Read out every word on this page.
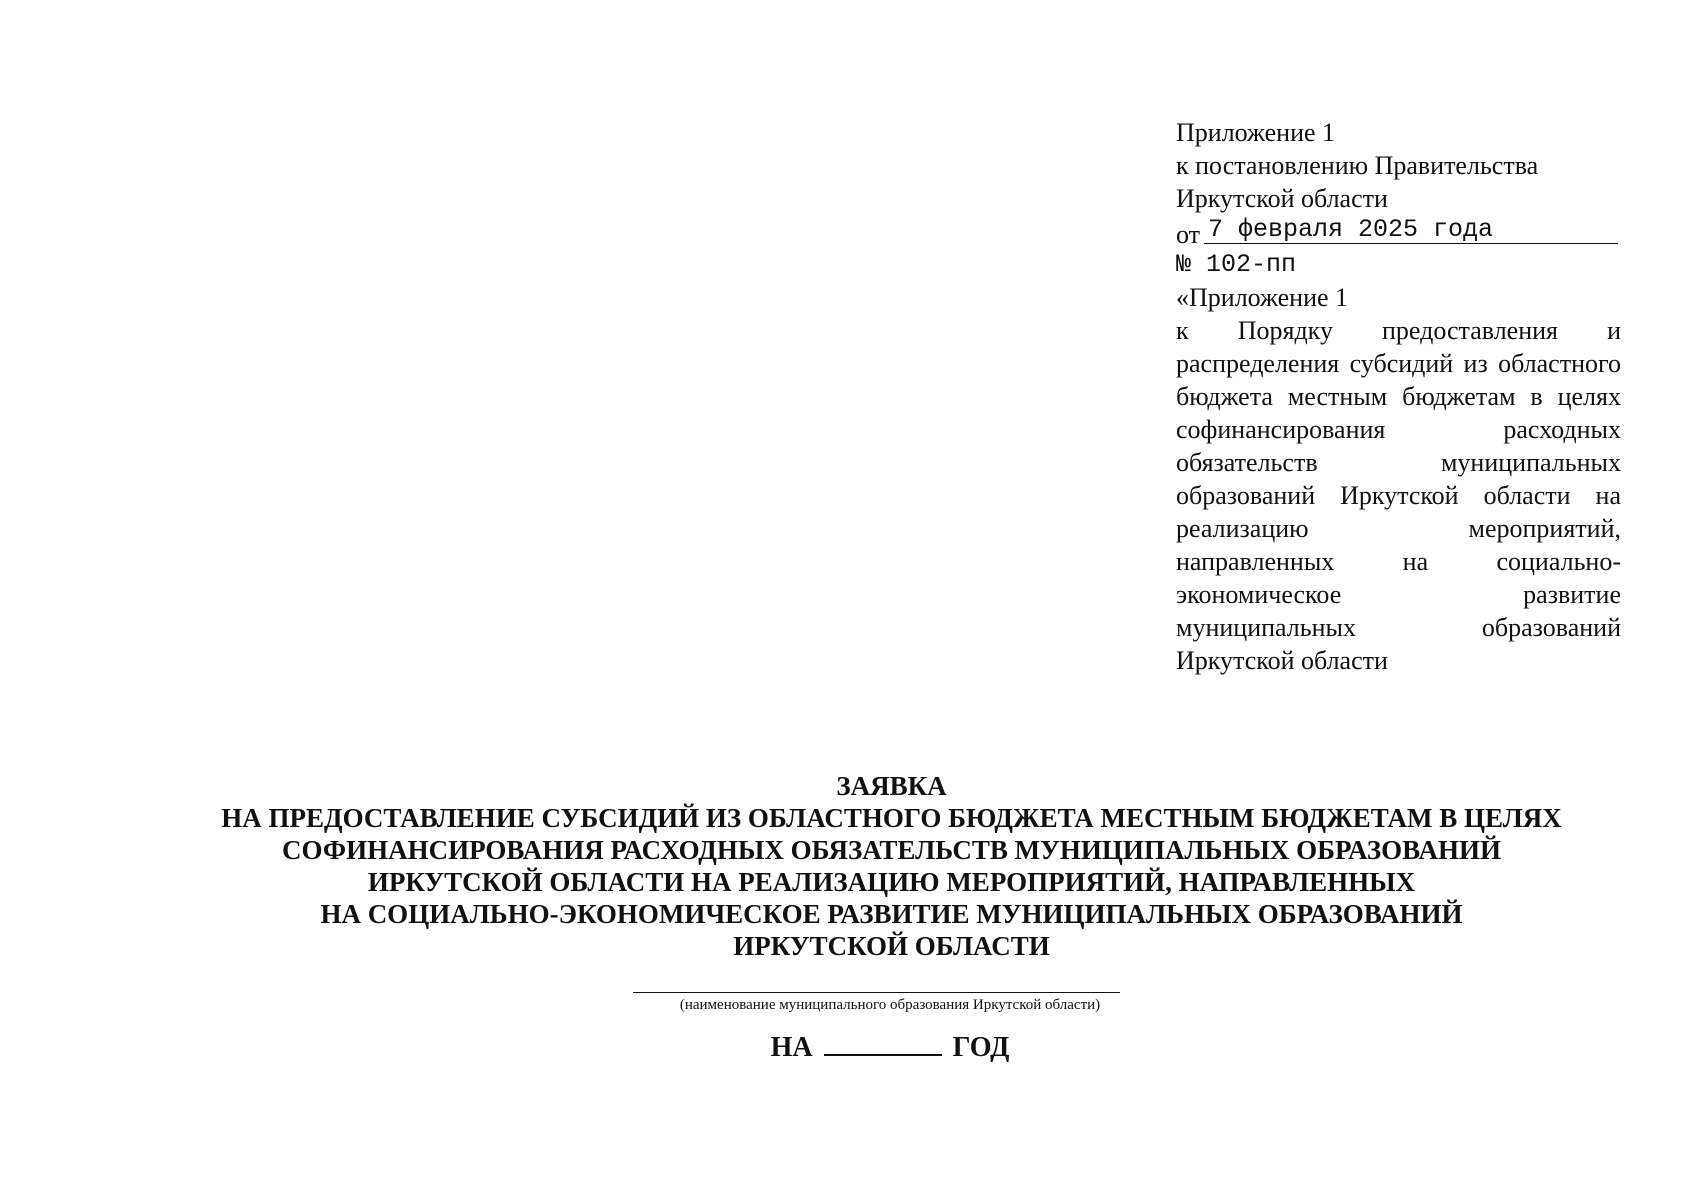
Приложение 1
к постановлению Правительства
Иркутской области
от 7 февраля 2025 года
№ 102-пп
«Приложение 1
к Порядку предоставления и распределения субсидий из областного бюджета местным бюджетам в целях софинансирования расходных обязательств муниципальных образований Иркутской области на реализацию мероприятий, направленных на социально-экономическое развитие муниципальных образований Иркутской области
ЗАЯВКА
НА ПРЕДОСТАВЛЕНИЕ СУБСИДИЙ ИЗ ОБЛАСТНОГО БЮДЖЕТА МЕСТНЫМ БЮДЖЕТАМ В ЦЕЛЯХ
СОФИНАНСИРОВАНИЯ РАСХОДНЫХ ОБЯЗАТЕЛЬСТВ МУНИЦИПАЛЬНЫХ ОБРАЗОВАНИЙ
ИРКУТСКОЙ ОБЛАСТИ НА РЕАЛИЗАЦИЮ МЕРОПРИЯТИЙ, НАПРАВЛЕННЫХ
НА СОЦИАЛЬНО-ЭКОНОМИЧЕСКОЕ РАЗВИТИЕ МУНИЦИПАЛЬНЫХ ОБРАЗОВАНИЙ
ИРКУТСКОЙ ОБЛАСТИ
(наименование муниципального образования Иркутской области)
НА	ГОД
